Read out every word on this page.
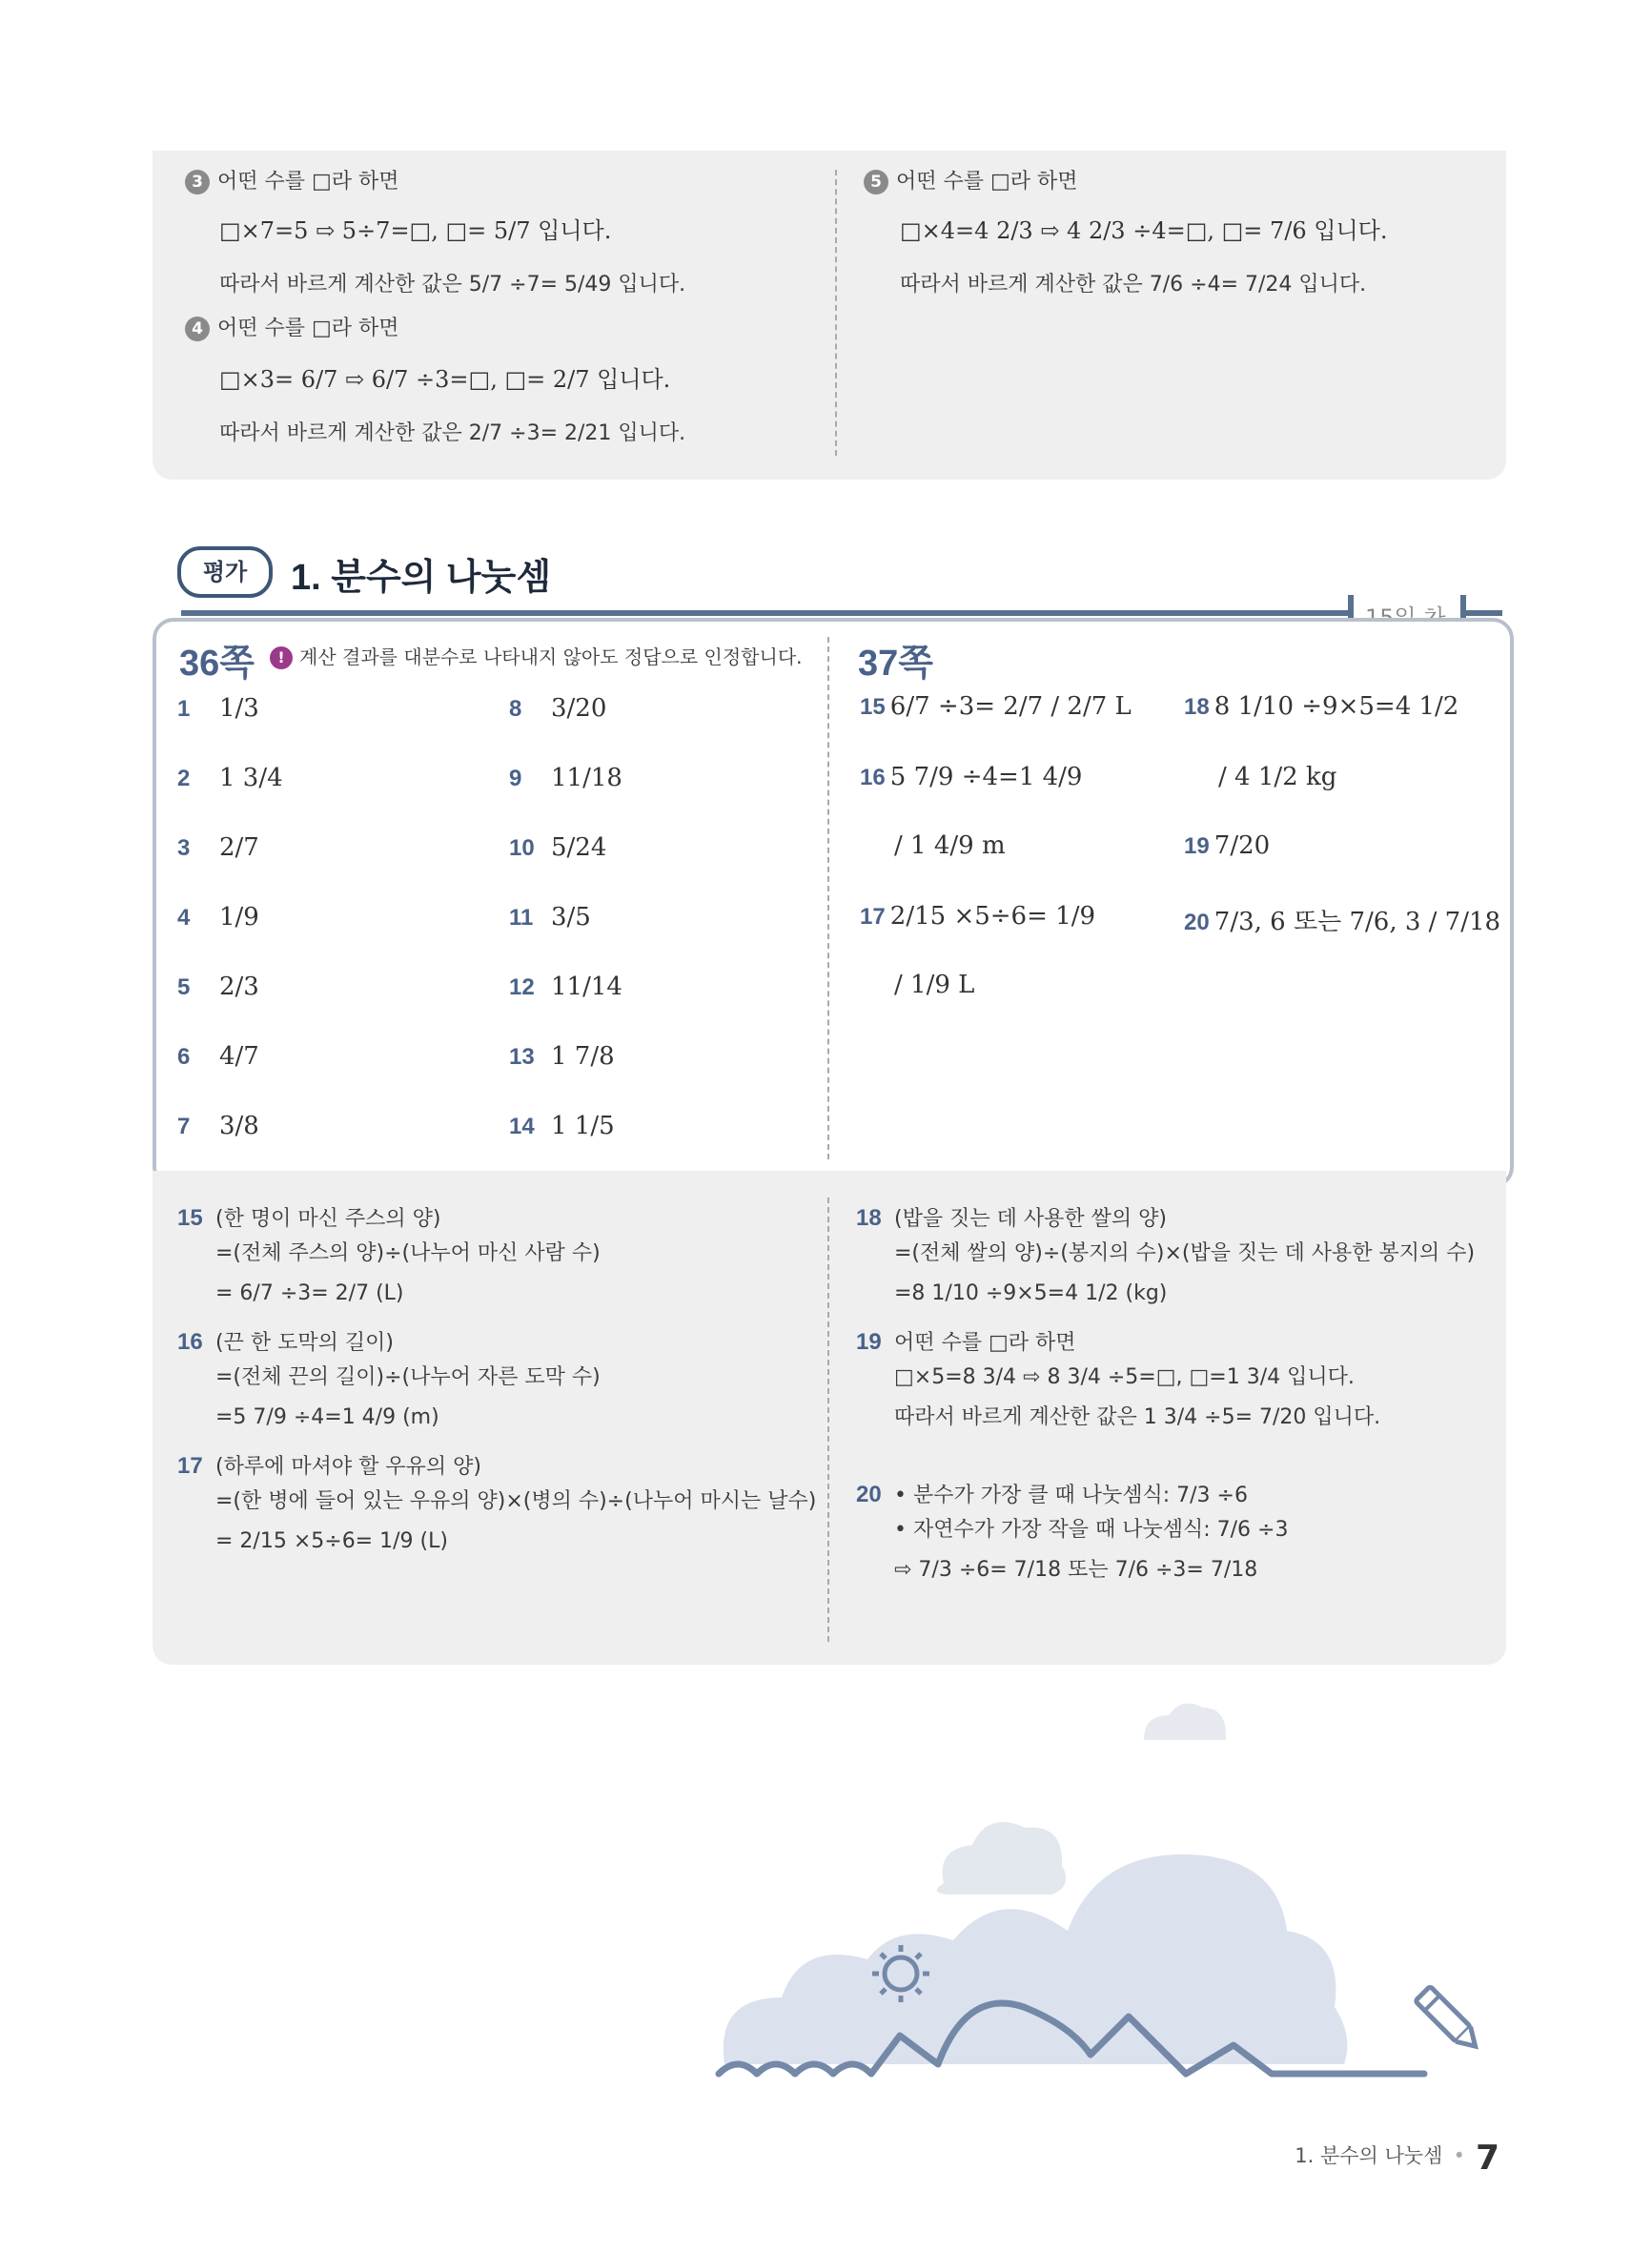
3 어떤 수를 □라 하면
□×7=5 ⇨ 5÷7=□, □= 5/7 입니다.
따라서 바르게 계산한 값은 5/7 ÷7= 5/49 입니다.
4 어떤 수를 □라 하면
□×3= 6/7 ⇨ 6/7 ÷3=□, □= 2/7 입니다.
따라서 바르게 계산한 값은 2/7 ÷3= 2/21 입니다.
5 어떤 수를 □라 하면
□×4=4 2/3 ⇨ 4 2/3 ÷4=□, □= 7/6 입니다.
따라서 바르게 계산한 값은 7/6 ÷4= 7/24 입니다.
평가	1. 분수의 나눗셈
36쪽	! 계산 결과를 대분수로 나타내지 않아도 정답으로 인정합니다.
1 1/3
2 1 3/4
3 2/7
4 1/9
5 2/3
6 4/7
7 3/8
8 3/20
9 11/18
10 5/24
11 3/5
12 11/14
13 1 7/8
14 1 1/5
37쪽
15 6/7 ÷3= 2/7 / 2/7 L
16 5 7/9 ÷4=1 4/9
/ 1 4/9 m
17 2/15 ×5÷6= 1/9
/ 1/9 L
18 8 1/10 ÷9×5=4 1/2
/ 4 1/2 kg
19 7/20
20 7/3, 6 또는 7/6, 3 / 7/18
15 (한 명이 마신 주스의 양)
=(전체 주스의 양)÷(나누어 마신 사람 수)
= 6/7 ÷3= 2/7 (L)
16 (끈 한 도막의 길이)
=(전체 끈의 길이)÷(나누어 자른 도막 수)
=5 7/9 ÷4=1 4/9 (m)
17 (하루에 마셔야 할 우유의 양)
=(한 병에 들어 있는 우유의 양)×(병의 수)÷(나누어 마시는 날수)
= 2/15 ×5÷6= 1/9 (L)
18 (밥을 짓는 데 사용한 쌀의 양)
=(전체 쌀의 양)÷(봉지의 수)×(밥을 짓는 데 사용한 봉지의 수)
=8 1/10 ÷9×5=4 1/2 (kg)
19 어떤 수를 □라 하면
□×5=8 3/4 ⇨ 8 3/4 ÷5=□, □=1 3/4 입니다.
따라서 바르게 계산한 값은 1 3/4 ÷5= 7/20 입니다.
20 • 분수가 가장 클 때 나눗셈식: 7/3 ÷6
• 자연수가 가장 작을 때 나눗셈식: 7/6 ÷3
⇨ 7/3 ÷6= 7/18 또는 7/6 ÷3= 7/18
1. 분수의 나눗셈 • 7
